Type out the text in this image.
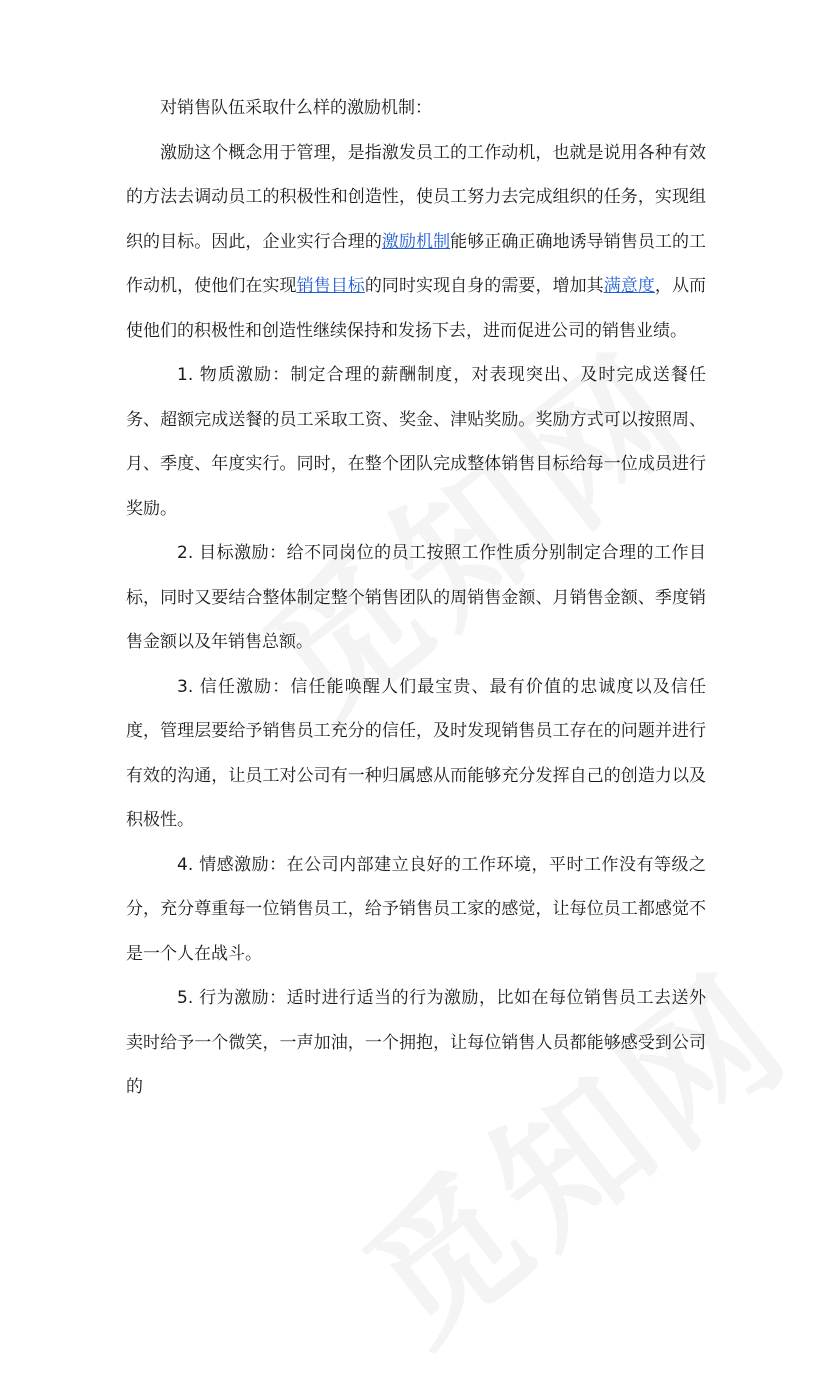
对销售队伍采取什么样的激励机制：

激励这个概念用于管理，是指激发员工的工作动机，也就是说用各种有效的方法去调动员工的积极性和创造性，使员工努力去完成组织的任务，实现组织的目标。因此，企业实行合理的激励机制能够正确正确地诱导销售员工的工作动机，使他们在实现销售目标的同时实现自身的需要，增加其满意度，从而使他们的积极性和创造性继续保持和发扬下去，进而促进公司的销售业绩。

1. 物质激励：制定合理的薪酬制度，对表现突出、及时完成送餐任务、超额完成送餐的员工采取工资、奖金、津贴奖励。奖励方式可以按照周、月、季度、年度实行。同时，在整个团队完成整体销售目标给每一位成员进行奖励。

2. 目标激励：给不同岗位的员工按照工作性质分别制定合理的工作目标，同时又要结合整体制定整个销售团队的周销售金额、月销售金额、季度销售金额以及年销售总额。

3. 信任激励：信任能唤醒人们最宝贵、最有价值的忠诚度以及信任度，管理层要给予销售员工充分的信任，及时发现销售员工存在的问题并进行有效的沟通，让员工对公司有一种归属感从而能够充分发挥自己的创造力以及积极性。

4. 情感激励：在公司内部建立良好的工作环境，平时工作没有等级之分，充分尊重每一位销售员工，给予销售员工家的感觉，让每位员工都感觉不是一个人在战斗。

5. 行为激励：适时进行适当的行为激励，比如在每位销售员工去送外卖时给予一个微笑，一声加油，一个拥抱，让每位销售人员都能够感受到公司的
